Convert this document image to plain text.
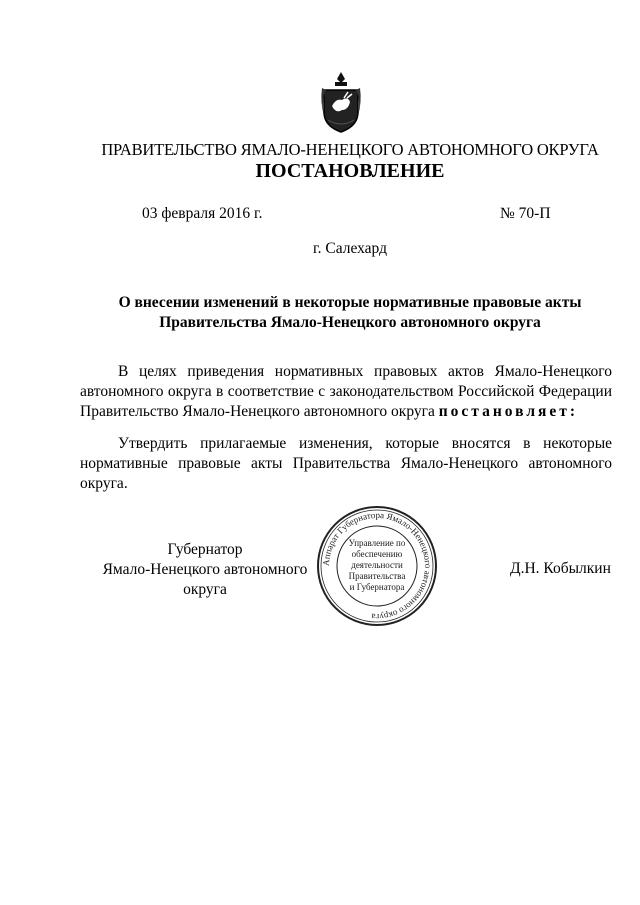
ПРАВИТЕЛЬСТВО ЯМАЛО-НЕНЕЦКОГО АВТОНОМНОГО ОКРУГА
ПОСТАНОВЛЕНИЕ
03 февраля 2016 г.	№ 70-П
г. Салехард
О внесении изменений в некоторые нормативные правовые акты
Правительства Ямало-Ненецкого автономного округа

В целях приведения нормативных правовых актов Ямало-Ненецкого автономного округа в соответствие с законодательством Российской Федерации Правительство Ямало-Ненецкого автономного округа постановляет:

Утвердить прилагаемые изменения, которые вносятся в некоторые нормативные правовые акты Правительства Ямало-Ненецкого автономного округа.

Губернатор
Ямало-Ненецкого автономного округа
Д.Н. Кобылкин
Аппарат Губернатора Ямало-Ненецкого автономного округа
Управление по
обеспечению
деятельности
Правительства
и Губернатора
